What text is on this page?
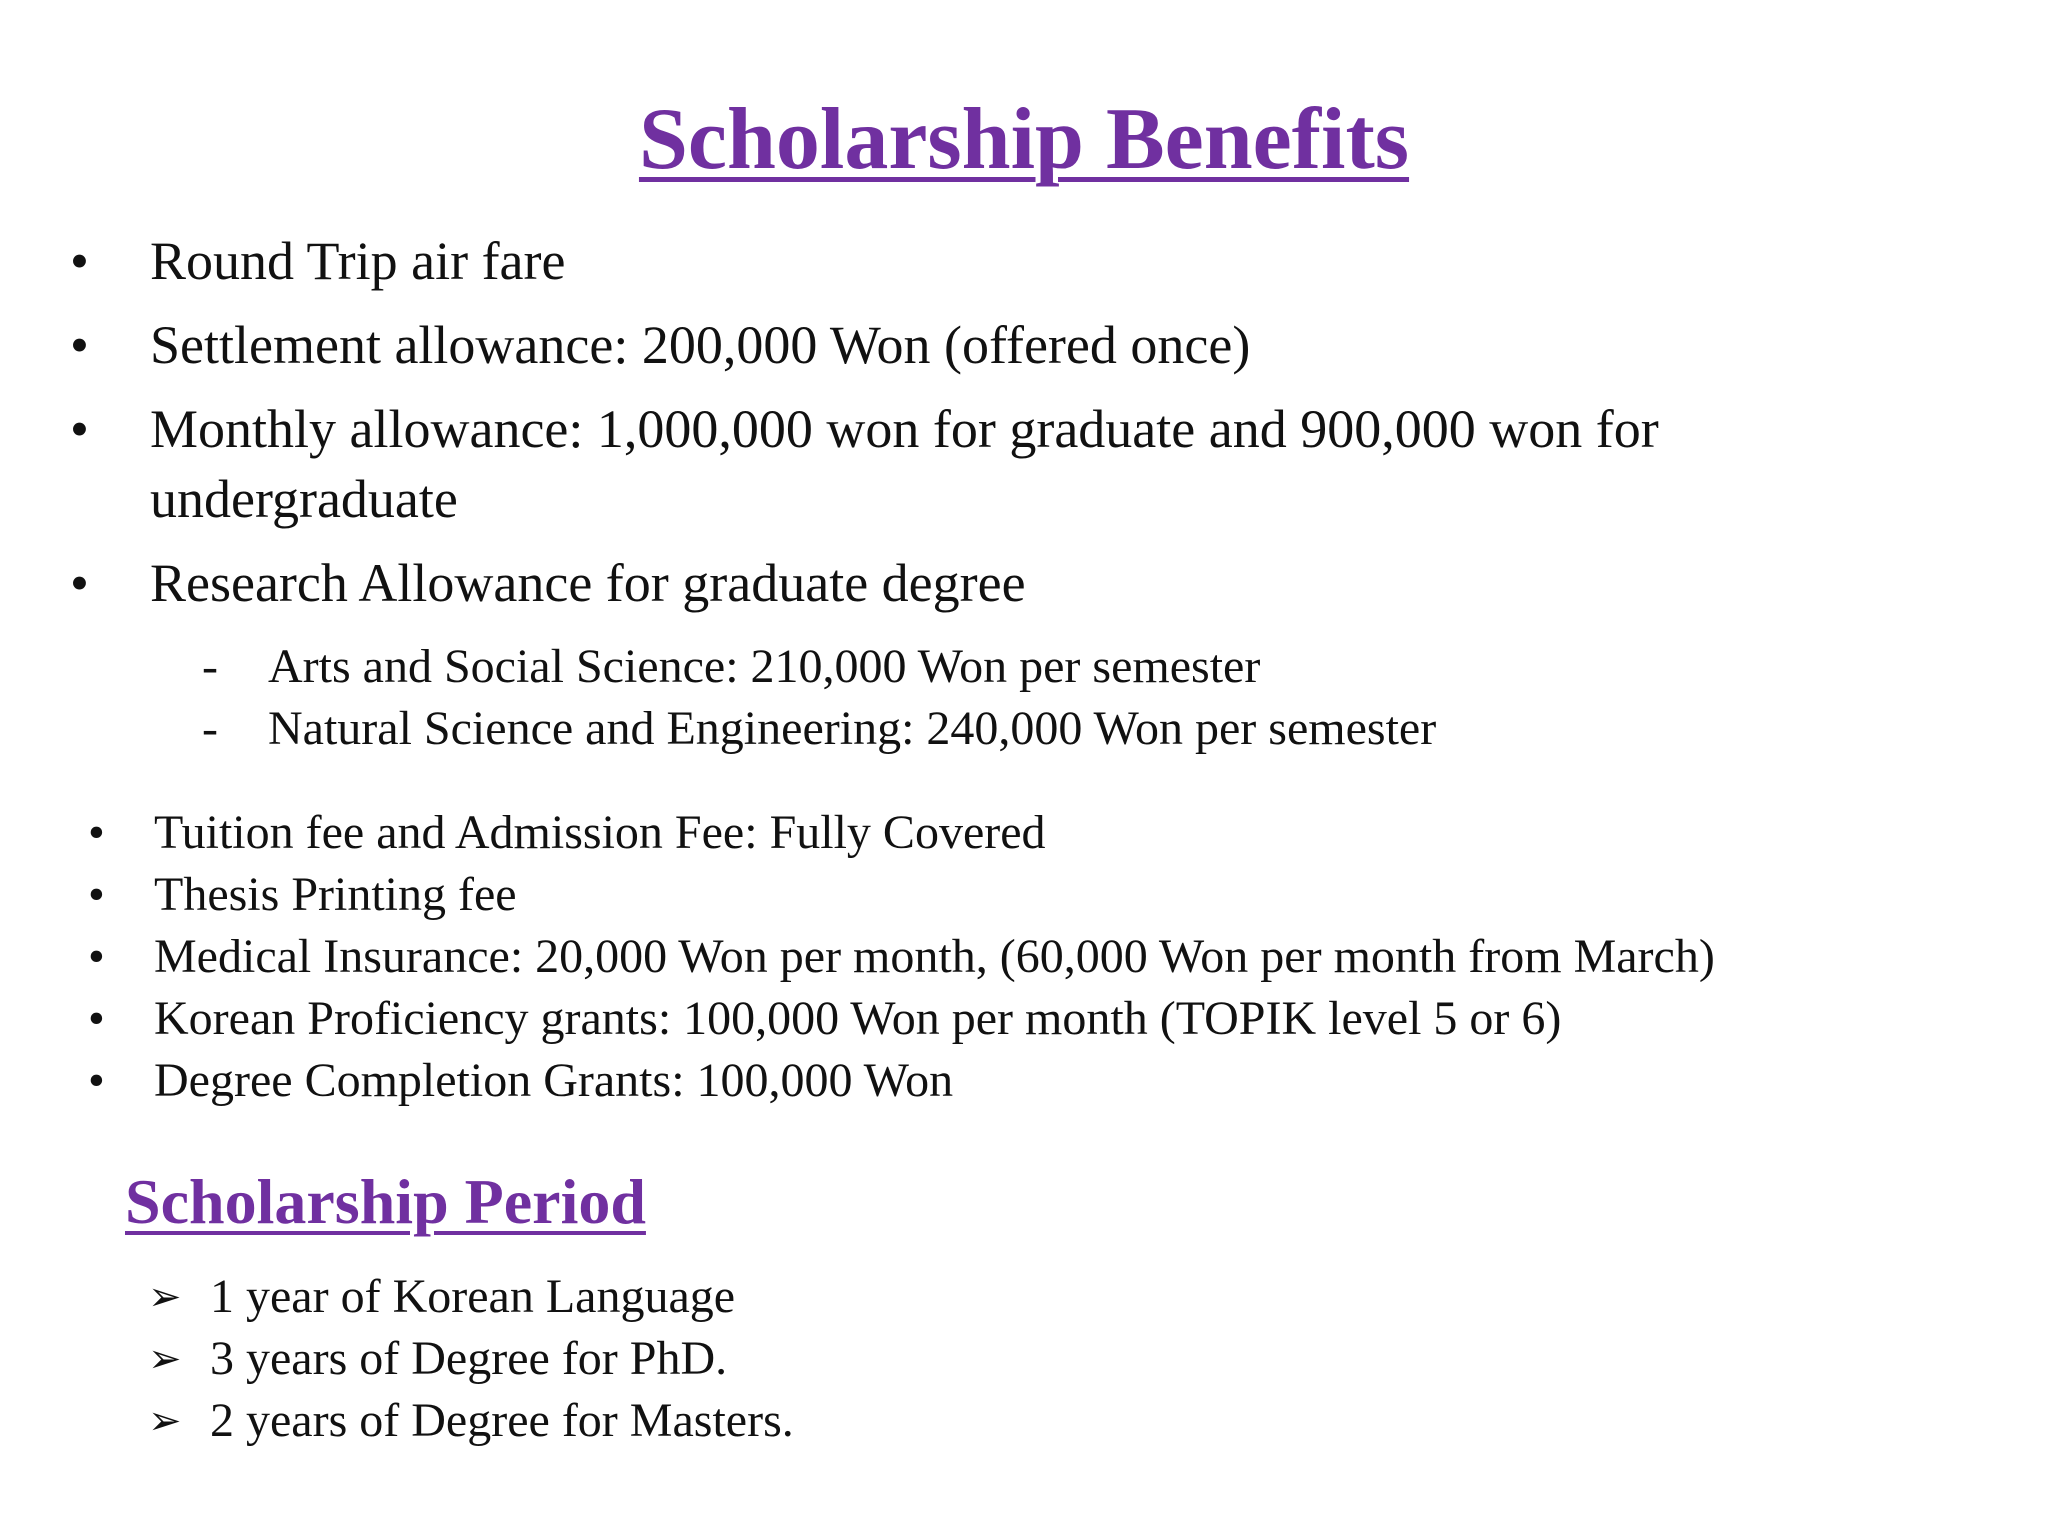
Scholarship Benefits
• Round Trip air fare
• Settlement allowance: 200,000 Won (offered once)
• Monthly allowance: 1,000,000 won for graduate and 900,000 won for undergraduate
• Research Allowance for graduate degree
- Arts and Social Science: 210,000 Won per semester
- Natural Science and Engineering: 240,000 Won per semester
• Tuition fee and Admission Fee: Fully Covered
• Thesis Printing fee
• Medical Insurance: 20,000 Won per month, (60,000 Won per month from March)
• Korean Proficiency grants: 100,000 Won per month (TOPIK level 5 or 6)
• Degree Completion Grants: 100,000 Won
Scholarship Period
➢ 1 year of Korean Language
➢ 3 years of Degree for PhD.
➢ 2 years of Degree for Masters.
